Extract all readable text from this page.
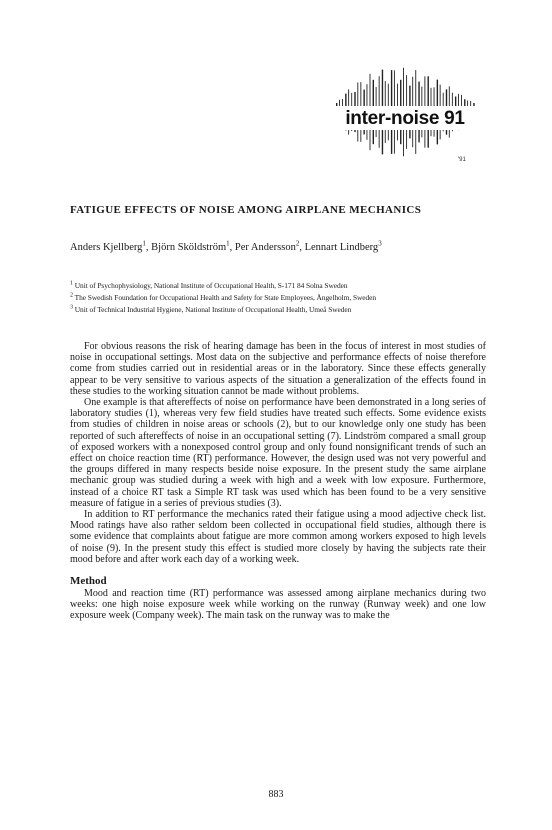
inter-noise 91
'91
FATIGUE EFFECTS OF NOISE AMONG AIRPLANE MECHANICS
Anders Kjellberg$^1$, Björn Sköldström$^1$, Per Andersson$^2$, Lennart Lindberg$^3$
$^1$ Unit of Psychophysiology, National Institute of Occupational Health, S-171 84 Solna Sweden
$^2$ The Swedish Foundation for Occupational Health and Safety for State Employees, Ängelholm, Sweden
$^3$ Unit of Technical Industrial Hygiene, National Institute of Occupational Health, Umeå Sweden

For obvious reasons the risk of hearing damage has been in the focus of interest in most studies of noise in occupational settings. Most data on the subjective and performance effects of noise therefore come from studies carried out in residential areas or in the laboratory. Since these effects generally appear to be very sensitive to various aspects of the situation a generalization of the effects found in these studies to the working situation cannot be made without problems.

One example is that aftereffects of noise on performance have been demonstrated in a long series of laboratory studies (1), whereas very few field studies have treated such effects. Some evidence exists from studies of children in noise areas or schools (2), but to our knowledge only one study has been reported of such aftereffects of noise in an occupational setting (7). Lindström compared a small group of exposed workers with a nonexposed control group and only found nonsignificant trends of such an effect on choice reaction time (RT) performance. However, the design used was not very powerful and the groups differed in many respects beside noise exposure. In the present study the same airplane mechanic group was studied during a week with high and a week with low exposure. Furthermore, instead of a choice RT task a Simple RT task was used which has been found to be a very sensitive measure of fatigue in a series of previous studies (3).

In addition to RT performance the mechanics rated their fatigue using a mood adjective check list. Mood ratings have also rather seldom been collected in occupational field studies, although there is some evidence that complaints about fatigue are more common among workers exposed to high levels of noise (9). In the present study this effect is studied more closely by having the subjects rate their mood before and after work each day of a working week.

Method

Mood and reaction time (RT) performance was assessed among airplane mechanics during two weeks: one high noise exposure week while working on the runway (Runway week) and one low exposure week (Company week). The main task on the runway was to make the

883
